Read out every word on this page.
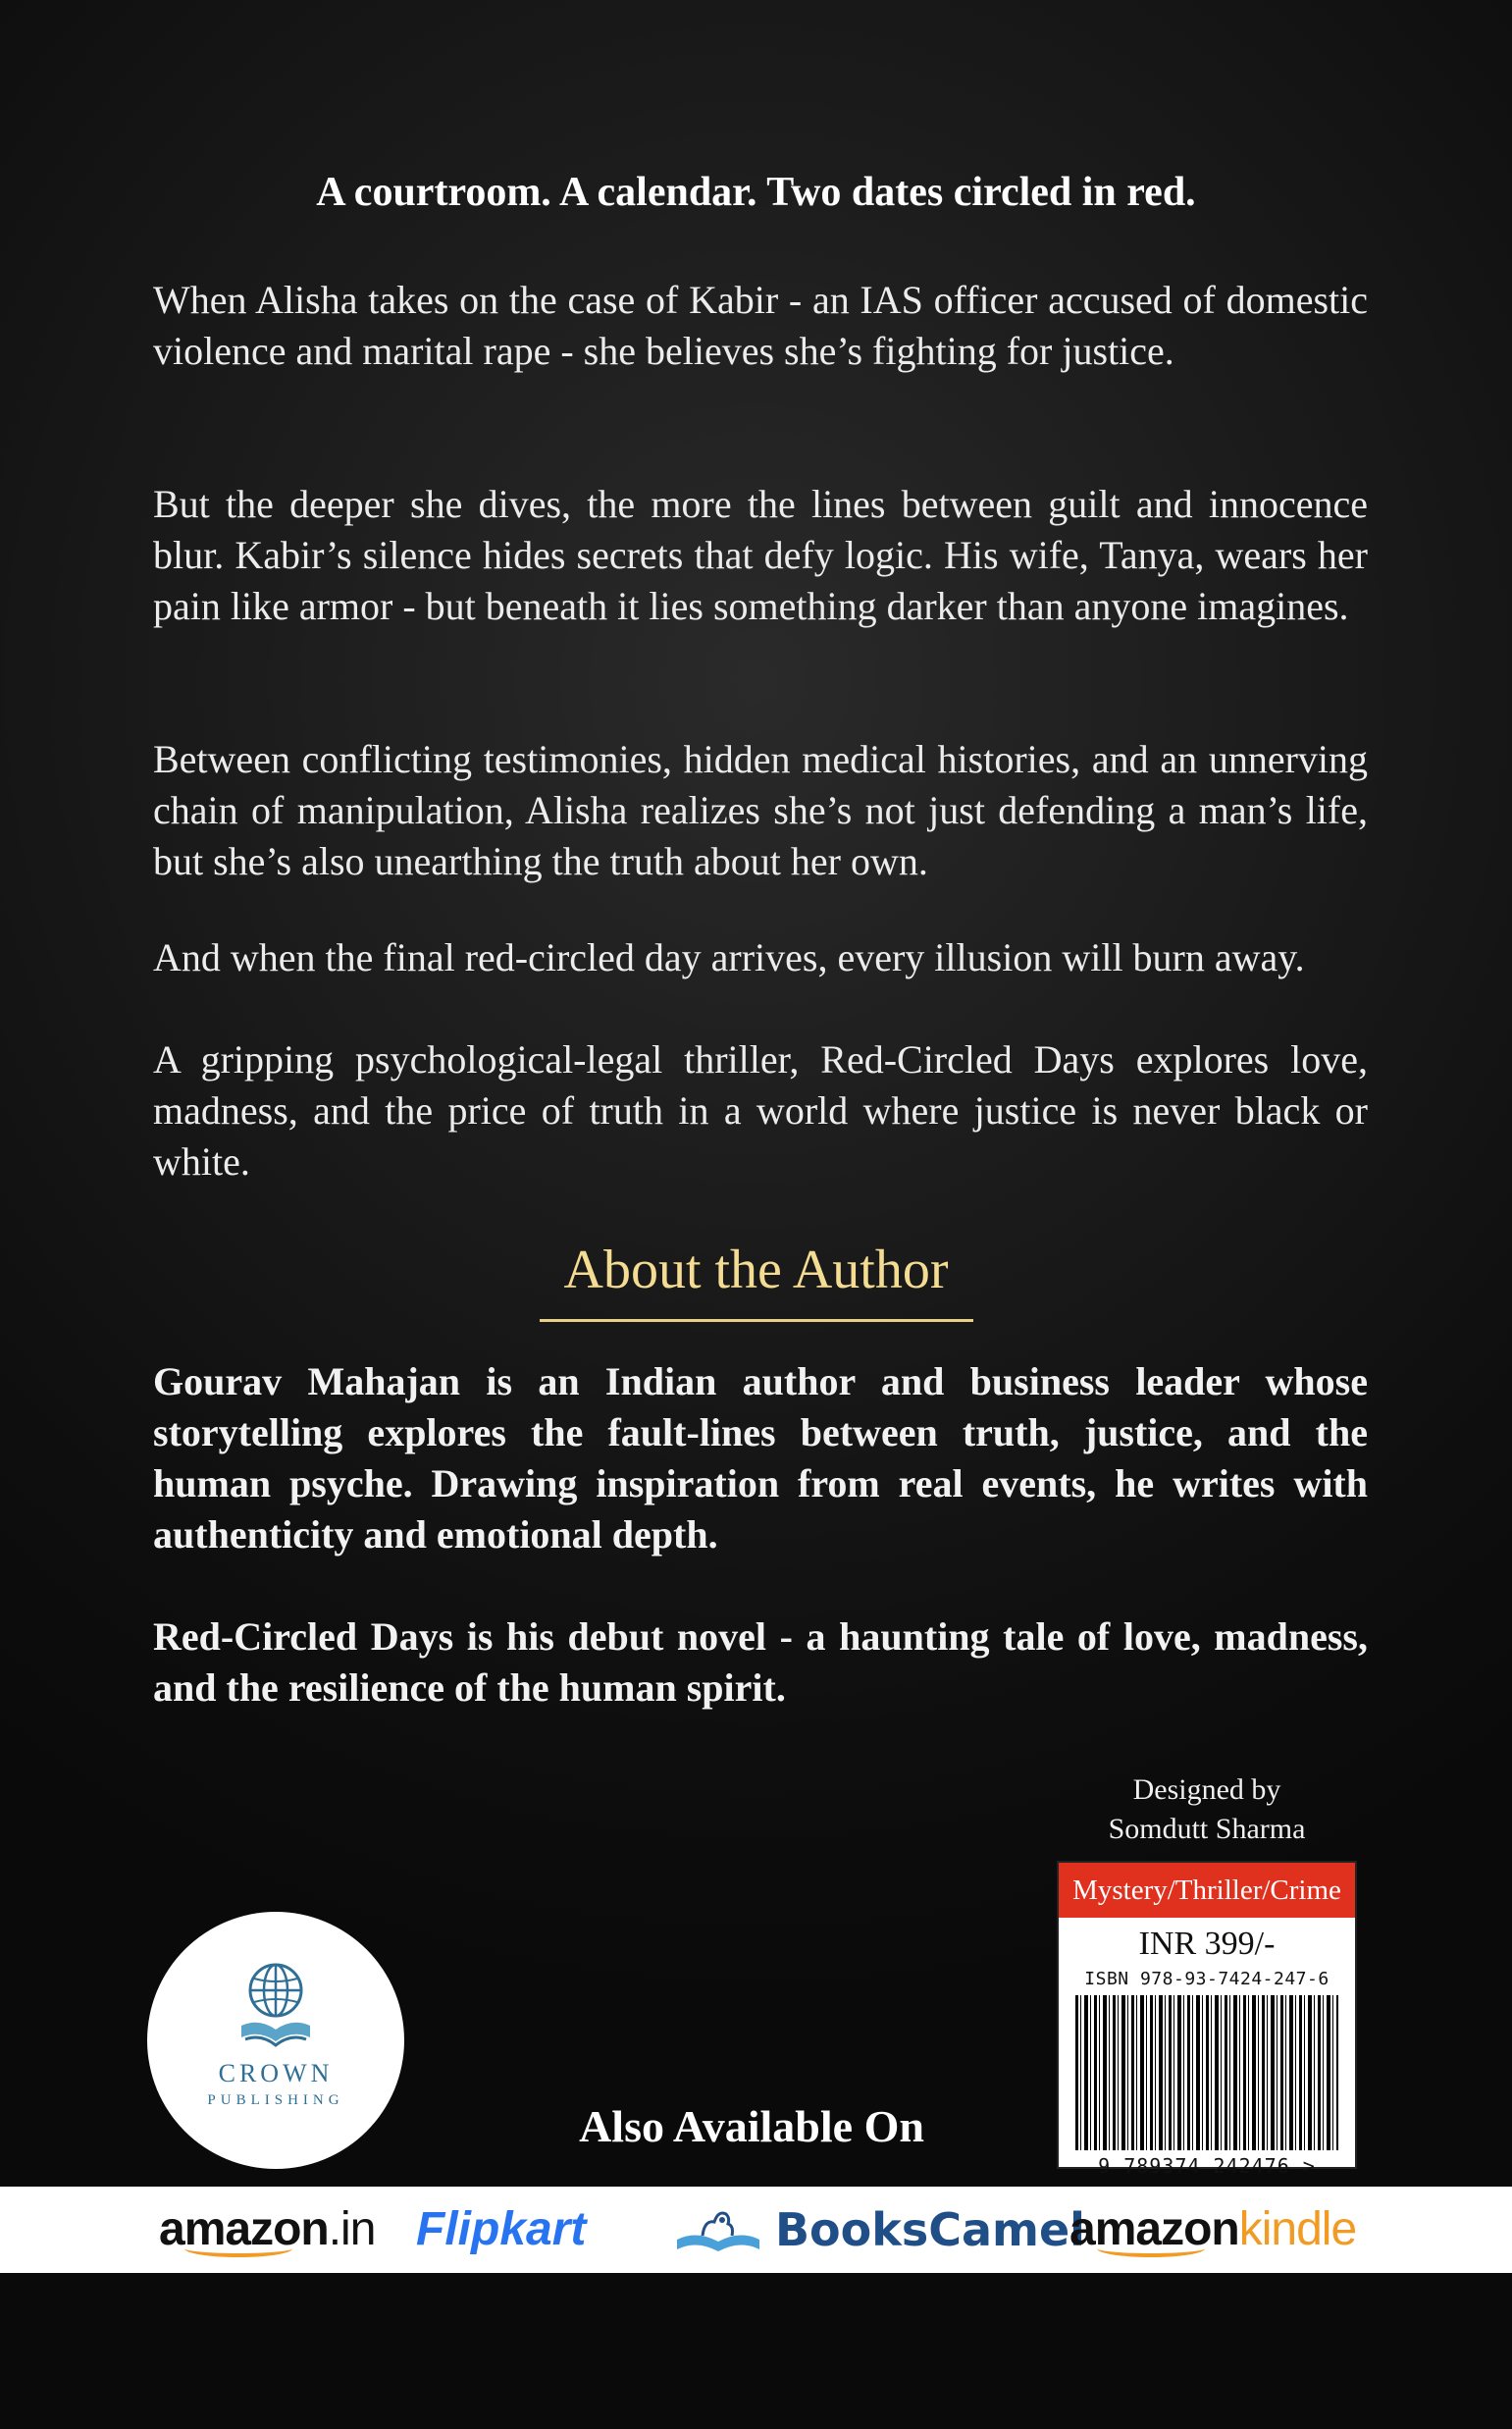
A courtroom. A calendar. Two dates circled in red.
When Alisha takes on the case of Kabir - an IAS officer accused of domestic violence and marital rape - she believes she’s fighting for justice.
But the deeper she dives, the more the lines between guilt and innocence blur. Kabir’s silence hides secrets that defy logic. His wife, Tanya, wears her pain like armor - but beneath it lies something darker than anyone imagines.
Between conflicting testimonies, hidden medical histories, and an unnerving chain of manipulation, Alisha realizes she’s not just defending a man’s life, but she’s also unearthing the truth about her own.
And when the final red-circled day arrives, every illusion will burn away.
A gripping psychological-legal thriller, Red-Circled Days explores love, madness, and the price of truth in a world where justice is never black or white.
About the Author
Gourav Mahajan is an Indian author and business leader whose storytelling explores the fault-lines between truth, justice, and the human psyche. Drawing inspiration from real events, he writes with authenticity and emotional depth.
Red-Circled Days is his debut novel - a haunting tale of love, madness, and the resilience of the human spirit.
Designed by
Somdutt Sharma
Mystery/Thriller/Crime
INR 399/-
ISBN 978-93-7424-247-6
9 789374 242476 >
CROWN
PUBLISHING
Also Available On
amazon.in Flipkart	BooksCamel
amazonkindle
